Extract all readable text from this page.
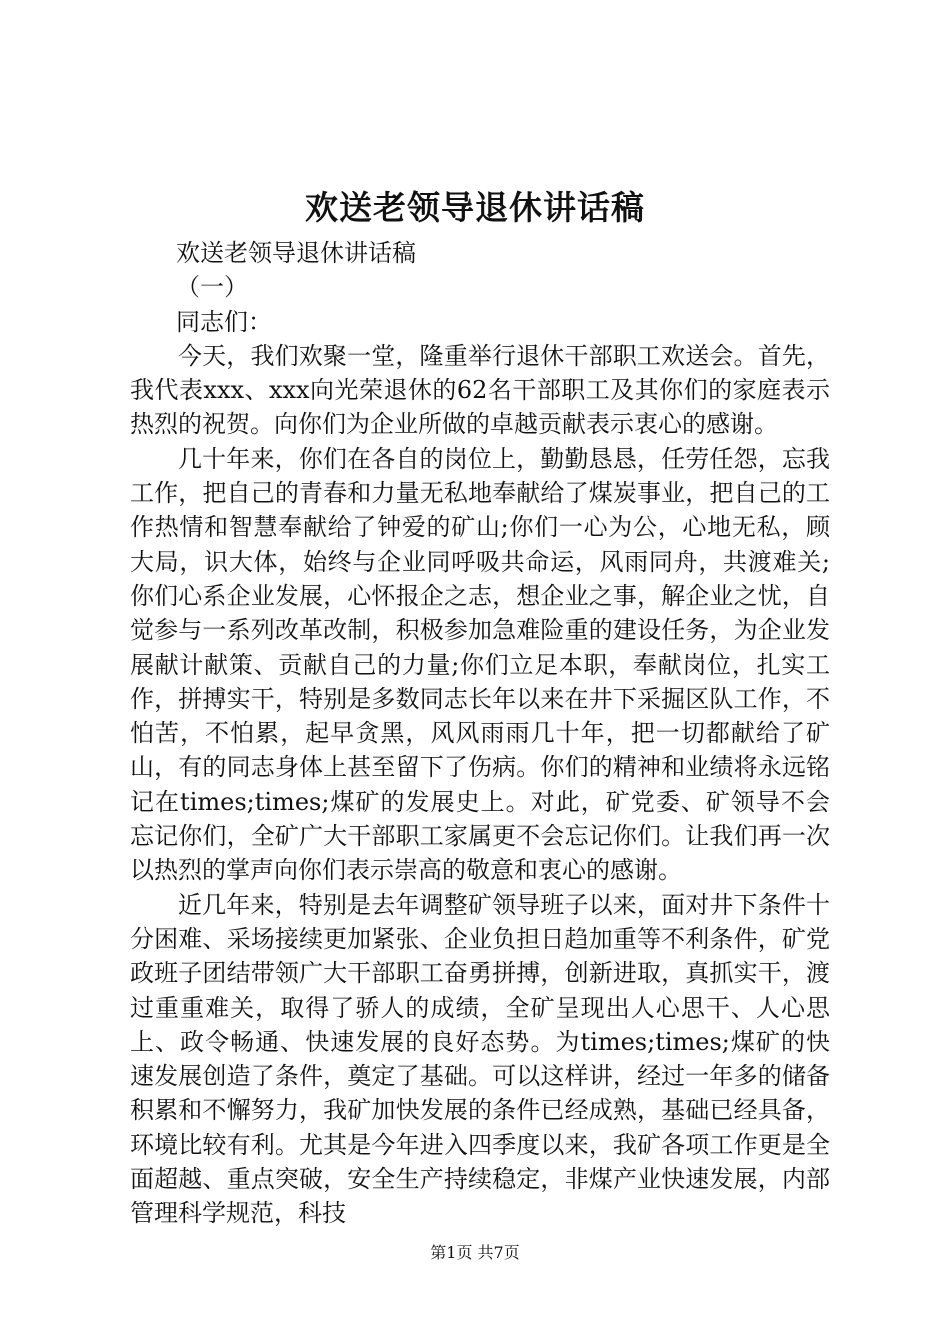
欢送老领导退休讲话稿

欢送老领导退休讲话稿

（一）

同志们：

今天，我们欢聚一堂，隆重举行退休干部职工欢送会。首先，我代表xxx、xxx向光荣退休的62名干部职工及其你们的家庭表示热烈的祝贺。向你们为企业所做的卓越贡献表示衷心的感谢。

几十年来，你们在各自的岗位上，勤勤恳恳，任劳任怨，忘我工作，把自己的青春和力量无私地奉献给了煤炭事业，把自己的工作热情和智慧奉献给了钟爱的矿山;你们一心为公，心地无私，顾大局，识大体，始终与企业同呼吸共命运，风雨同舟，共渡难关;你们心系企业发展，心怀报企之志，想企业之事，解企业之忧，自觉参与一系列改革改制，积极参加急难险重的建设任务，为企业发展献计献策、贡献自己的力量;你们立足本职，奉献岗位，扎实工作，拼搏实干，特别是多数同志长年以来在井下采掘区队工作，不怕苦，不怕累，起早贪黑，风风雨雨几十年，把一切都献给了矿山，有的同志身体上甚至留下了伤病。你们的精神和业绩将永远铭记在times;times;煤矿的发展史上。对此，矿党委、矿领导不会忘记你们，全矿广大干部职工家属更不会忘记你们。让我们再一次以热烈的掌声向你们表示崇高的敬意和衷心的感谢。

近几年来，特别是去年调整矿领导班子以来，面对井下条件十分困难、采场接续更加紧张、企业负担日趋加重等不利条件，矿党政班子团结带领广大干部职工奋勇拼搏，创新进取，真抓实干，渡过重重难关，取得了骄人的成绩，全矿呈现出人心思干、人心思上、政令畅通、快速发展的良好态势。为times;times;煤矿的快速发展创造了条件，奠定了基础。可以这样讲，经过一年多的储备积累和不懈努力，我矿加快发展的条件已经成熟，基础已经具备，环境比较有利。尤其是今年进入四季度以来，我矿各项工作更是全面超越、重点突破，安全生产持续稳定，非煤产业快速发展，内部管理科学规范，科技

第1页 共7页
